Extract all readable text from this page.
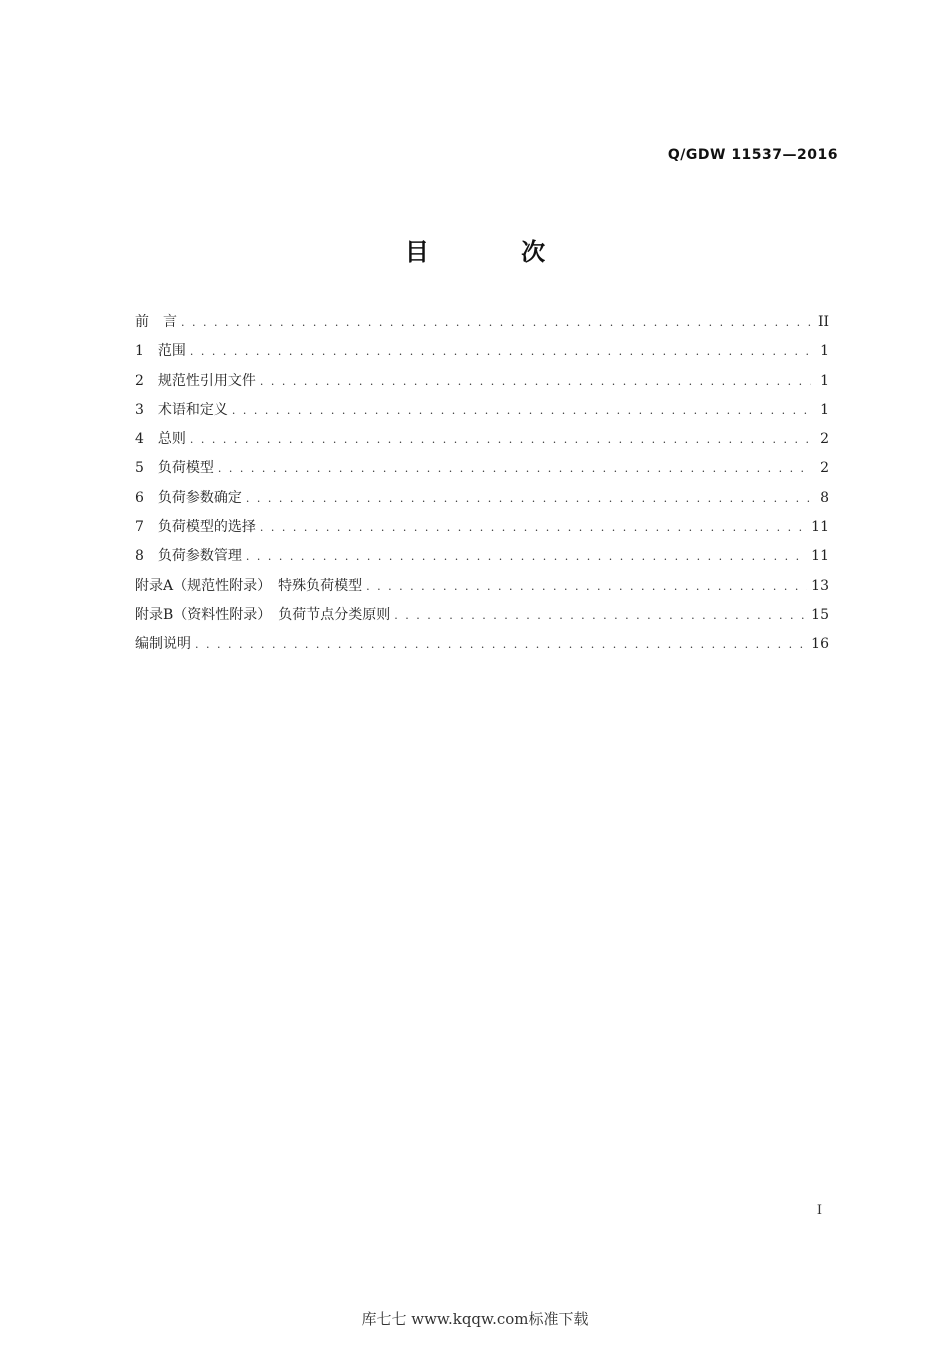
Q/GDW 11537—2016
目 次
前　言 . . .	II
1　范围 . . .	1
2　规范性引用文件 . . .	1
3　术语和定义 . . .	1
4　总则 . . .	2
5　负荷模型 . . .	2
6　负荷参数确定 . . .	8
7　负荷模型的选择 . . .	11
8　负荷参数管理 . . .	11
附录A（规范性附录）　特殊负荷模型 . . .	13
附录B（资料性附录）　负荷节点分类原则 . . .	15
编制说明 . . .	16
I
库七七 www.kqqw.com标准下载
